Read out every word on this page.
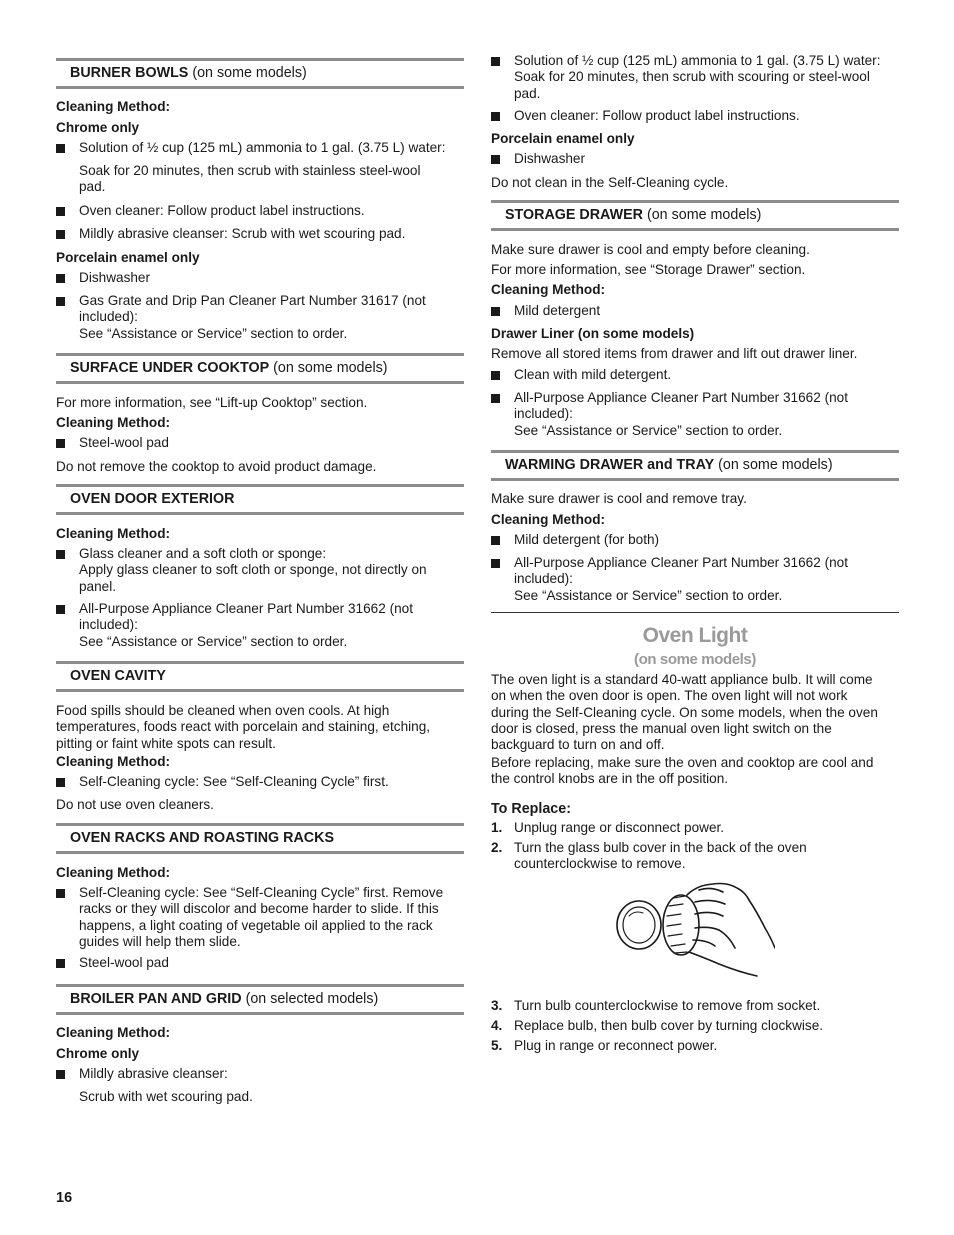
BURNER BOWLS (on some models)
Cleaning Method:
Chrome only
Solution of ½ cup (125 mL) ammonia to 1 gal. (3.75 L) water:
Soak for 20 minutes, then scrub with stainless steel-wool
pad.
Oven cleaner: Follow product label instructions.
Mildly abrasive cleanser: Scrub with wet scouring pad.
Porcelain enamel only
Dishwasher
Gas Grate and Drip Pan Cleaner Part Number 31617 (not
included):
See “Assistance or Service” section to order.
SURFACE UNDER COOKTOP (on some models)
For more information, see “Lift-up Cooktop” section.
Cleaning Method:
Steel-wool pad
Do not remove the cooktop to avoid product damage.
OVEN DOOR EXTERIOR
Cleaning Method:
Glass cleaner and a soft cloth or sponge:
Apply glass cleaner to soft cloth or sponge, not directly on
panel.
All-Purpose Appliance Cleaner Part Number 31662 (not
included):
See “Assistance or Service” section to order.
OVEN CAVITY
Food spills should be cleaned when oven cools. At high
temperatures, foods react with porcelain and staining, etching,
pitting or faint white spots can result.
Cleaning Method:
Self-Cleaning cycle: See “Self-Cleaning Cycle” first.
Do not use oven cleaners.
OVEN RACKS AND ROASTING RACKS
Cleaning Method:
Self-Cleaning cycle: See “Self-Cleaning Cycle” first. Remove
racks or they will discolor and become harder to slide. If this
happens, a light coating of vegetable oil applied to the rack
guides will help them slide.
Steel-wool pad
BROILER PAN AND GRID (on selected models)
Cleaning Method:
Chrome only
Mildly abrasive cleanser:
Scrub with wet scouring pad.
Solution of ½ cup (125 mL) ammonia to 1 gal. (3.75 L) water:
Soak for 20 minutes, then scrub with scouring or steel-wool
pad.
Oven cleaner: Follow product label instructions.
Porcelain enamel only
Dishwasher
Do not clean in the Self-Cleaning cycle.
STORAGE DRAWER (on some models)
Make sure drawer is cool and empty before cleaning.
For more information, see “Storage Drawer” section.
Cleaning Method:
Mild detergent
Drawer Liner (on some models)
Remove all stored items from drawer and lift out drawer liner.
Clean with mild detergent.
All-Purpose Appliance Cleaner Part Number 31662 (not
included):
See “Assistance or Service” section to order.
WARMING DRAWER and TRAY (on some models)
Make sure drawer is cool and remove tray.
Cleaning Method:
Mild detergent (for both)
All-Purpose Appliance Cleaner Part Number 31662 (not
included):
See “Assistance or Service” section to order.
Oven Light
(on some models)
The oven light is a standard 40-watt appliance bulb. It will come
on when the oven door is open. The oven light will not work
during the Self-Cleaning cycle. On some models, when the oven
door is closed, press the manual oven light switch on the
backguard to turn on and off.
Before replacing, make sure the oven and cooktop are cool and
the control knobs are in the off position.
To Replace:
1. Unplug range or disconnect power.
2. Turn the glass bulb cover in the back of the oven
counterclockwise to remove.
3. Turn bulb counterclockwise to remove from socket.
4. Replace bulb, then bulb cover by turning clockwise.
5. Plug in range or reconnect power.
16
